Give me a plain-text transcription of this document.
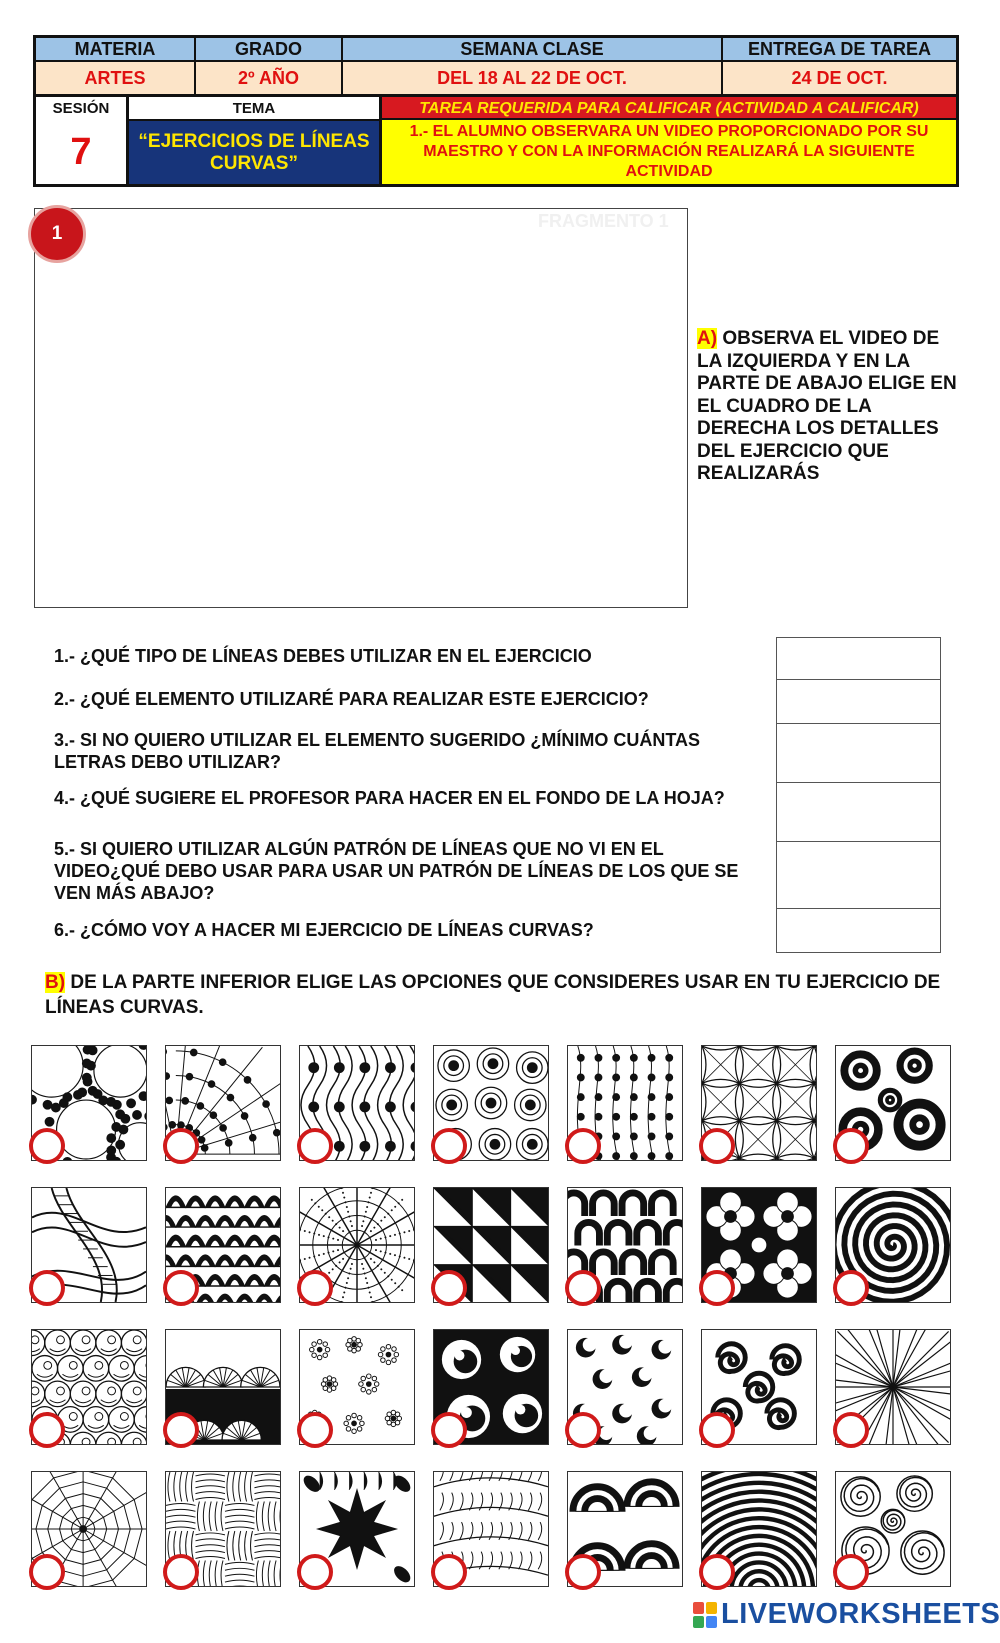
MATERIA	GRADO	SEMANA CLASE	ENTREGA DE TAREA
ARTES	2º AÑO	DEL 18 AL 22 DE OCT.	24 DE OCT.
SESIÓN
7
TEMA
“EJERCICIOS DE LÍNEAS CURVAS”
TAREA REQUERIDA PARA CALIFICAR (ACTIVIDAD A CALIFICAR)
1.- EL ALUMNO OBSERVARA UN VIDEO PROPORCIONADO POR SU MAESTRO Y CON LA INFORMACIÓN REALIZARÁ LA SIGUIENTE ACTIVIDAD
FRAGMENTO 1
1
A) OBSERVA EL VIDEO DE LA IZQUIERDA Y EN LA PARTE DE ABAJO ELIGE EN EL CUADRO DE LA DERECHA LOS DETALLES DEL EJERCICIO QUE REALIZARÁS
1.- ¿QUÉ TIPO DE LÍNEAS DEBES UTILIZAR EN EL EJERCICIO
2.- ¿QUÉ ELEMENTO UTILIZARÉ PARA REALIZAR ESTE EJERCICIO?
3.- SI NO QUIERO UTILIZAR EL ELEMENTO SUGERIDO ¿MÍNIMO CUÁNTAS LETRAS DEBO UTILIZAR?
4.- ¿QUÉ SUGIERE EL PROFESOR PARA HACER EN EL FONDO DE LA HOJA?
5.- SI QUIERO UTILIZAR ALGÚN PATRÓN DE LÍNEAS QUE NO VI EN EL VIDEO¿QUÉ DEBO USAR PARA USAR UN PATRÓN DE LÍNEAS DE LOS QUE SE VEN MÁS ABAJO?
6.- ¿CÓMO VOY A HACER MI EJERCICIO DE LÍNEAS CURVAS?
B) DE LA PARTE INFERIOR ELIGE LAS OPCIONES QUE CONSIDERES USAR EN TU EJERCICIO DE LÍNEAS CURVAS.
LIVEWORKSHEETS
